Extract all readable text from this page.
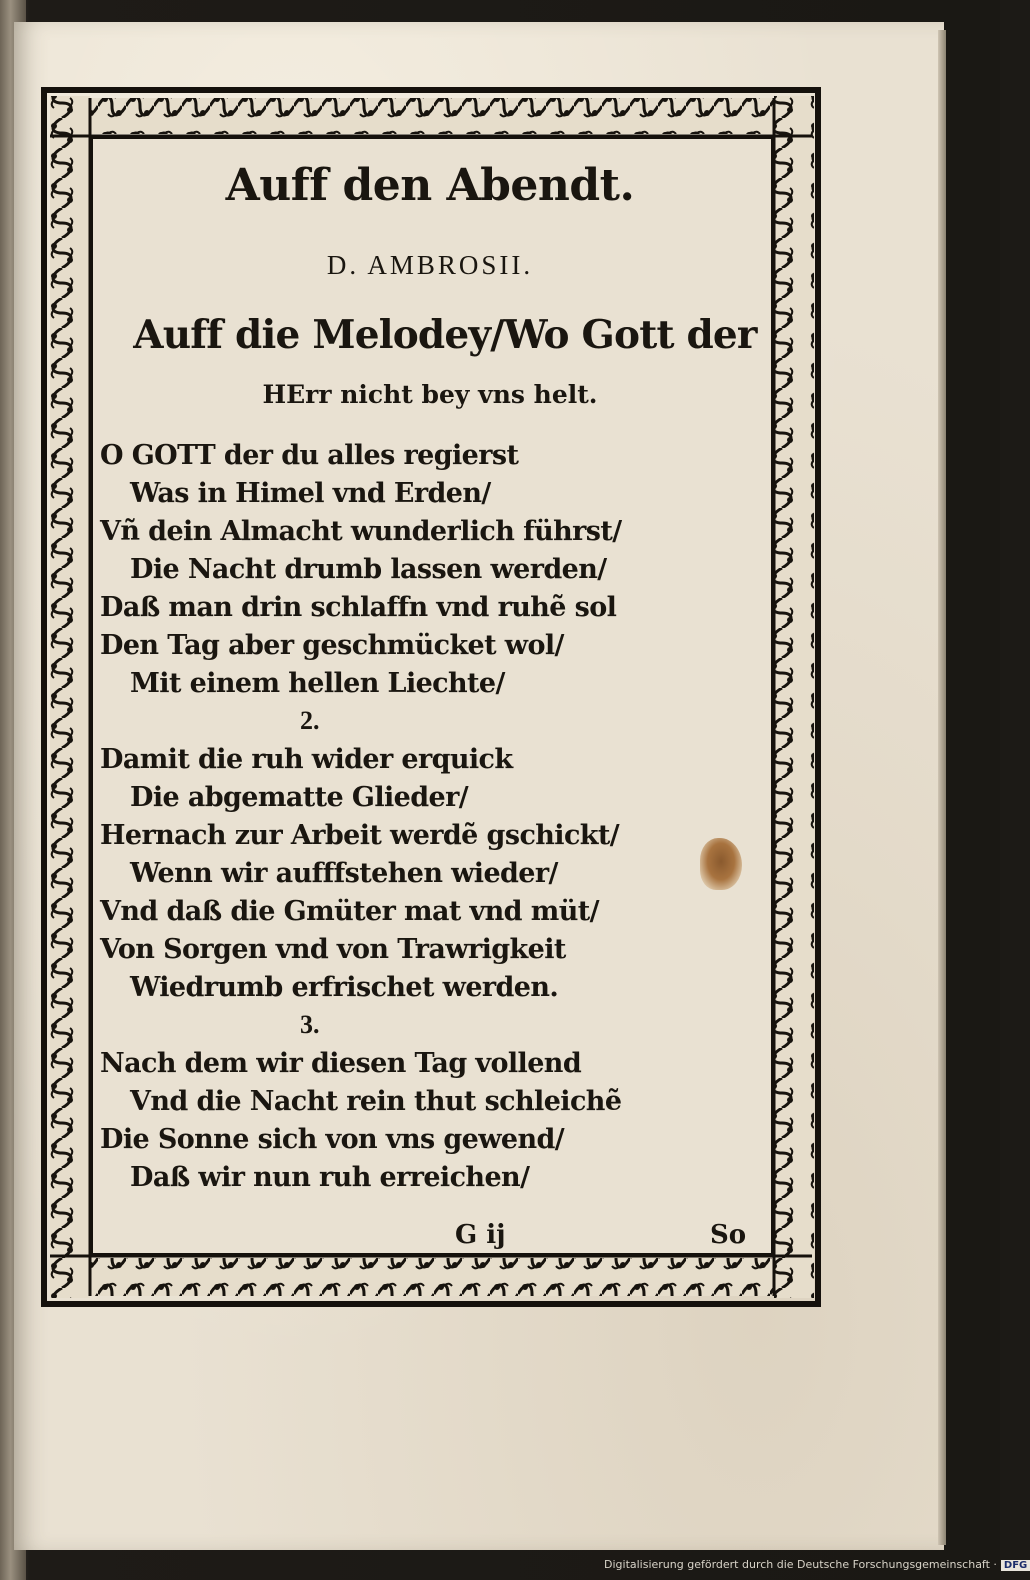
Auff den Abendt.
D. AMBROSII.
Auff die Melodey/Wo Gott der
HErr nicht bey vns helt.
O GOTT der du alles regierst
Was in Himel vnd Erden/
Vñ dein Almacht wunderlich führst/
Die Nacht drumb lassen werden/
Daß man drin schlaffn vnd ruhẽ sol
Den Tag aber geschmücket wol/
Mit einem hellen Liechte/
2.
Damit die ruh wider erquick
Die abgematte Glieder/
Hernach zur Arbeit werdẽ gschickt/
Wenn wir aufffstehen wieder/
Vnd daß die Gmüter mat vnd müt/
Von Sorgen vnd von Trawrigkeit
Wiedrumb erfrischet werden.
3.
Nach dem wir diesen Tag vollend
Vnd die Nacht rein thut schleichẽ
Die Sonne sich von vns gewend/
Daß wir nun ruh erreichen/
G ij	So
Digitalisierung gefördert durch die Deutsche Forschungsgemeinschaft · DFG
